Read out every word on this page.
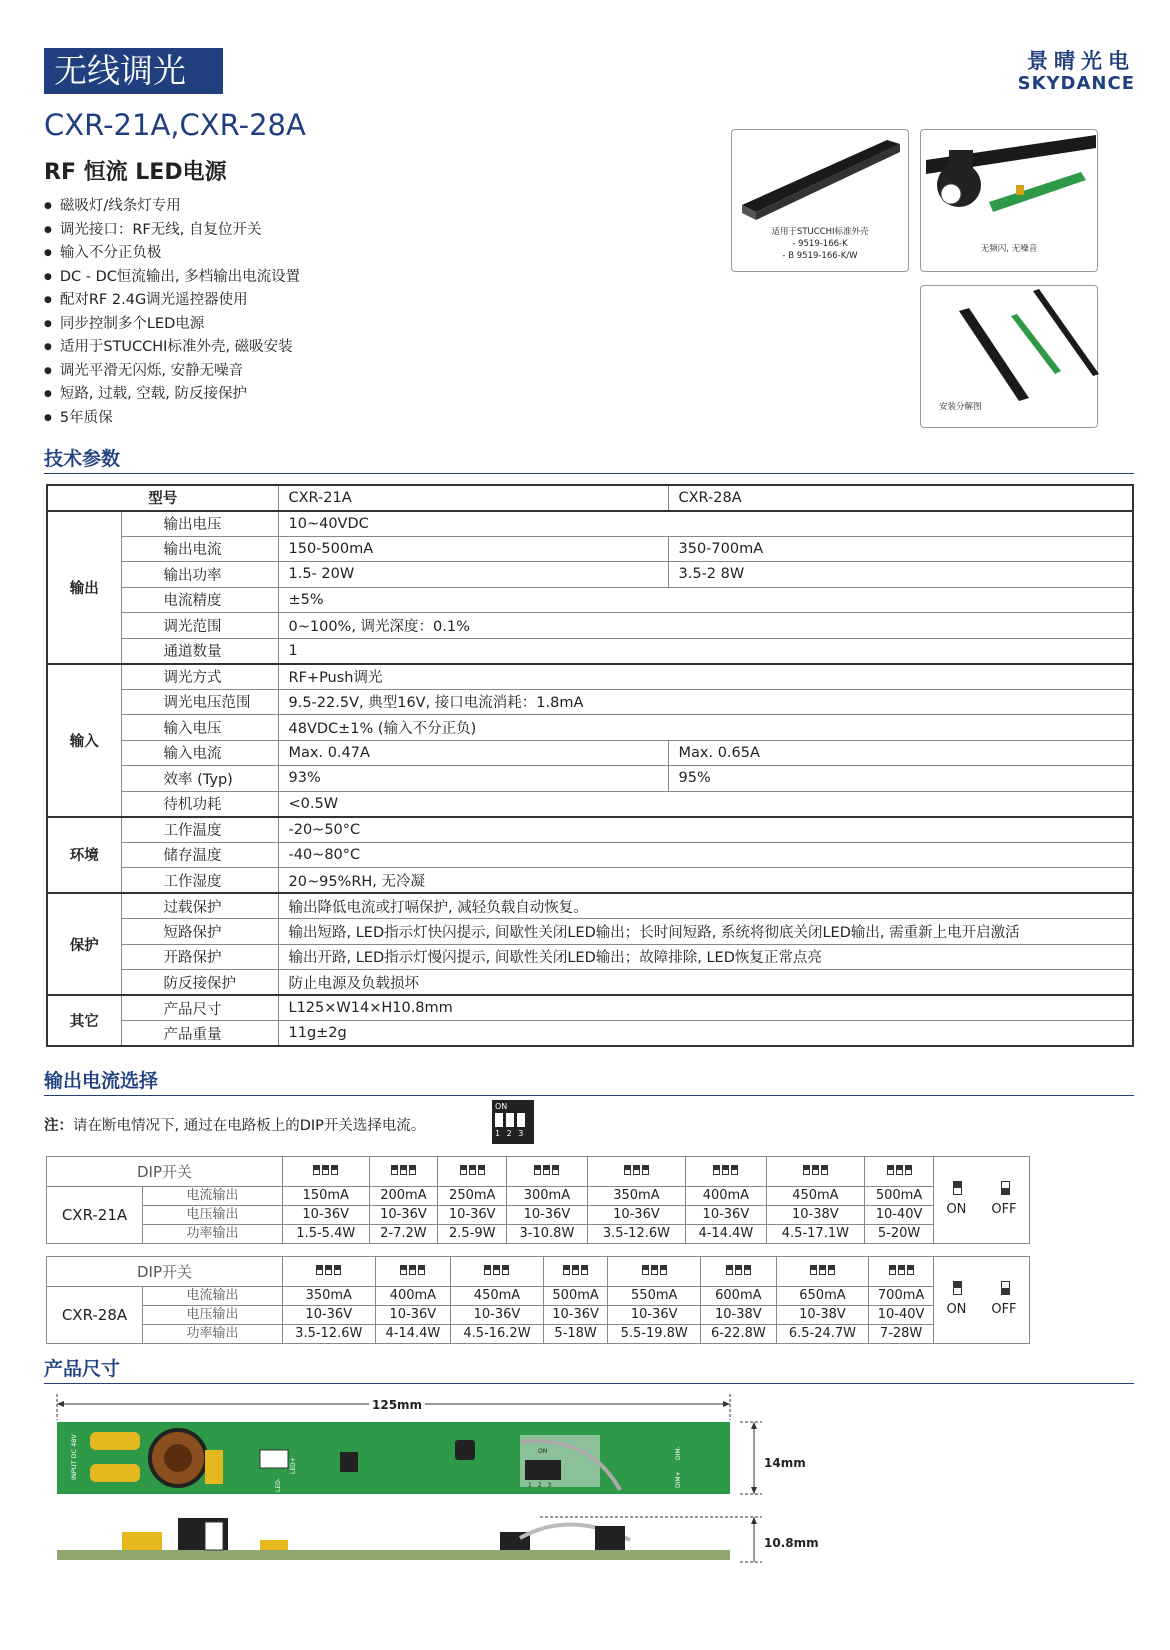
无线调光	景晴光电
SKYDANCE
CXR-21A,CXR-28A
RF 恒流 LED电源
● 磁吸灯/线条灯专用
● 调光接口：RF无线, 自复位开关
● 输入不分正负极
● DC - DC恒流输出, 多档输出电流设置
● 配对RF 2.4G调光遥控器使用
● 同步控制多个LED电源
● 适用于STUCCHI标准外壳, 磁吸安装
● 调光平滑无闪烁, 安静无噪音
● 短路, 过载, 空载, 防反接保护
● 5年质保
适用于STUCCHI标准外壳
- 9519-166-K
- B 9519-166-K/W
无频闪, 无噪音
安装分解图
技术参数
型号		CXR-21A	CXR-28A
输出	输出电压	10~40VDC	
	输出电流	150-500mA	350-700mA
	输出功率	1.5- 20W	3.5-2 8W
	电流精度	±5%	
	调光范围	0~100%, 调光深度：0.1%	
	通道数量	1	
输入	调光方式	RF+Push调光	
	调光电压范围	9.5-22.5V, 典型16V, 接口电流消耗：1.8mA	
	输入电压	48VDC±1% (输入不分正负)	
	输入电流	Max. 0.47A	Max. 0.65A
	效率 (Typ)	93%	95%
	待机功耗	<0.5W	
环境	工作温度	-20~50°C	
	储存温度	-40~80°C	
	工作湿度	20~95%RH, 无冷凝	
保护	过载保护	输出降低电流或打嗝保护, 减轻负载自动恢复。	
	短路保护	输出短路, LED指示灯快闪提示, 间歇性关闭LED输出；长时间短路, 系统将彻底关闭LED输出, 需重新上电开启激活	
	开路保护	输出开路, LED指示灯慢闪提示, 间歇性关闭LED输出；故障排除, LED恢复正常点亮	
	防反接保护	防止电源及负载损坏	
其它	产品尺寸	L125×W14×H10.8mm	
	产品重量	11g±2g	
输出电流选择
注：请在断电情况下, 通过在电路板上的DIP开关选择电流。
ON
1 2 3
DIP开关										ON OFF

CXR-21A	电流输出	150mA	200mA	250mA	300mA	350mA	400mA	450mA	500mA	
	电压输出	10-36V	10-36V	10-36V	10-36V	10-36V	10-36V	10-38V	10-40V	
	功率输出	1.5-5.4W	2-7.2W	2.5-9W	3-10.8W	3.5-12.6W	4-14.4W	4.5-17.1W	5-20W	
DIP开关										ON OFF

CXR-28A	电流输出	350mA	400mA	450mA	500mA	550mA	600mA	650mA	700mA	
	电压输出	10-36V	10-36V	10-36V	10-36V	10-36V	10-38V	10-38V	10-40V	
	功率输出	3.5-12.6W	4-14.4W	4.5-16.2W	5-18W	5.5-19.8W	6-22.8W	6.5-24.7W	7-28W	
产品尺寸
INPUT DC 48V
LED-
LED+
ON
1 2 3
DIM-
DIM+
125mm
14mm
10.8mm
